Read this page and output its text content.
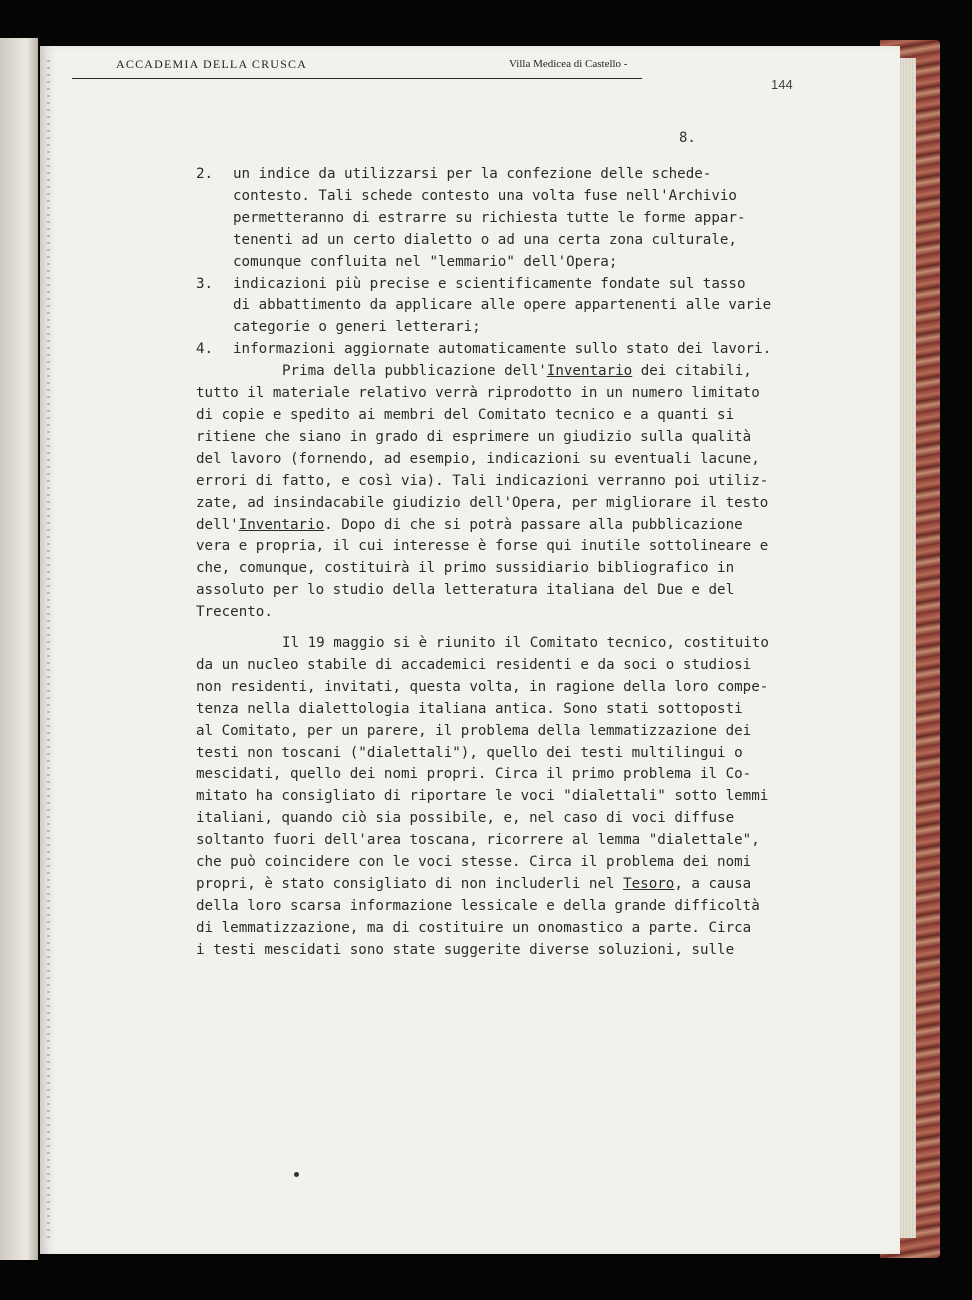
ACCADEMIA DELLA CRUSCA	Villa Medicea di Castello -
144
8.
2.	un indice da utilizzarsi per la confezione delle schede-

contesto. Tali schede contesto una volta fuse nell'Archivio

permetteranno di estrarre su richiesta tutte le forme appar-

tenenti ad un certo dialetto o ad una certa zona culturale,

comunque confluita nel "lemmario" dell'Opera;

3.	indicazioni più precise e scientificamente fondate sul tasso

di abbattimento da applicare alle opere appartenenti alle varie

categorie o generi letterari;

4.	informazioni aggiornate automaticamente sullo stato dei lavori.

Prima della pubblicazione dell'Inventario dei citabili,

tutto il materiale relativo verrà riprodotto in un numero limitato

di copie e spedito ai membri del Comitato tecnico e a quanti si

ritiene che siano in grado di esprimere un giudizio sulla qualità

del lavoro (fornendo, ad esempio, indicazioni su eventuali lacune,

errori di fatto, e così via). Tali indicazioni verranno poi utiliz-

zate, ad insindacabile giudizio dell'Opera, per migliorare il testo

dell'Inventario. Dopo di che si potrà passare alla pubblicazione

vera e propria, il cui interesse è forse qui inutile sottolineare e

che, comunque, costituirà il primo sussidiario bibliografico in

assoluto per lo studio della letteratura italiana del Due e del

Trecento.

Il 19 maggio si è riunito il Comitato tecnico, costituito

da un nucleo stabile di accademici residenti e da soci o studiosi

non residenti, invitati, questa volta, in ragione della loro compe-

tenza nella dialettologia italiana antica. Sono stati sottoposti

al Comitato, per un parere, il problema della lemmatizzazione dei

testi non toscani ("dialettali"), quello dei testi multilingui o

mescidati, quello dei nomi propri. Circa il primo problema il Co-

mitato ha consigliato di riportare le voci "dialettali" sotto lemmi

italiani, quando ciò sia possibile, e, nel caso di voci diffuse

soltanto fuori dell'area toscana, ricorrere al lemma "dialettale",

che può coincidere con le voci stesse. Circa il problema dei nomi

propri, è stato consigliato di non includerli nel Tesoro, a causa

della loro scarsa informazione lessicale e della grande difficoltà

di lemmatizzazione, ma di costituire un onomastico a parte. Circa

i testi mescidati sono state suggerite diverse soluzioni, sulle
